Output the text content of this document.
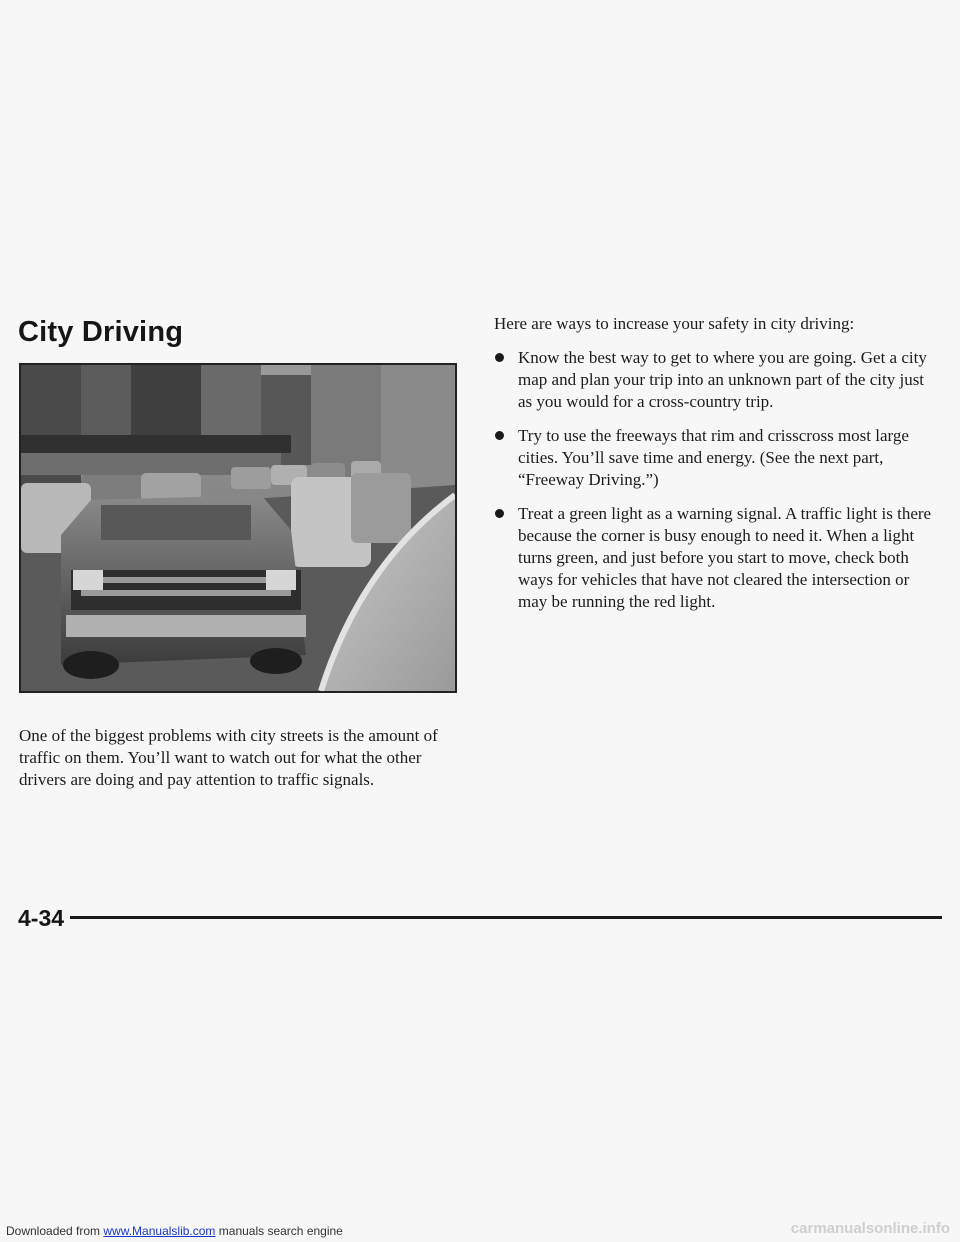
City Driving

One of the biggest problems with city streets is the amount of traffic on them. You’ll want to watch out for what the other drivers are doing and pay attention to traffic signals.

Here are ways to increase your safety in city driving:

Know the best way to get to where you are going. Get a city map and plan your trip into an unknown part of the city just as you would for a cross-country trip.
Try to use the freeways that rim and crisscross most large cities. You’ll save time and energy. (See the next part, “Freeway Driving.”)
Treat a green light as a warning signal. A traffic light is there because the corner is busy enough to need it. When a light turns green, and just before you start to move, check both ways for vehicles that have not cleared the intersection or may be running the red light.
4-34
Downloaded from www.Manualslib.com manuals search engine	carmanualsonline.info
